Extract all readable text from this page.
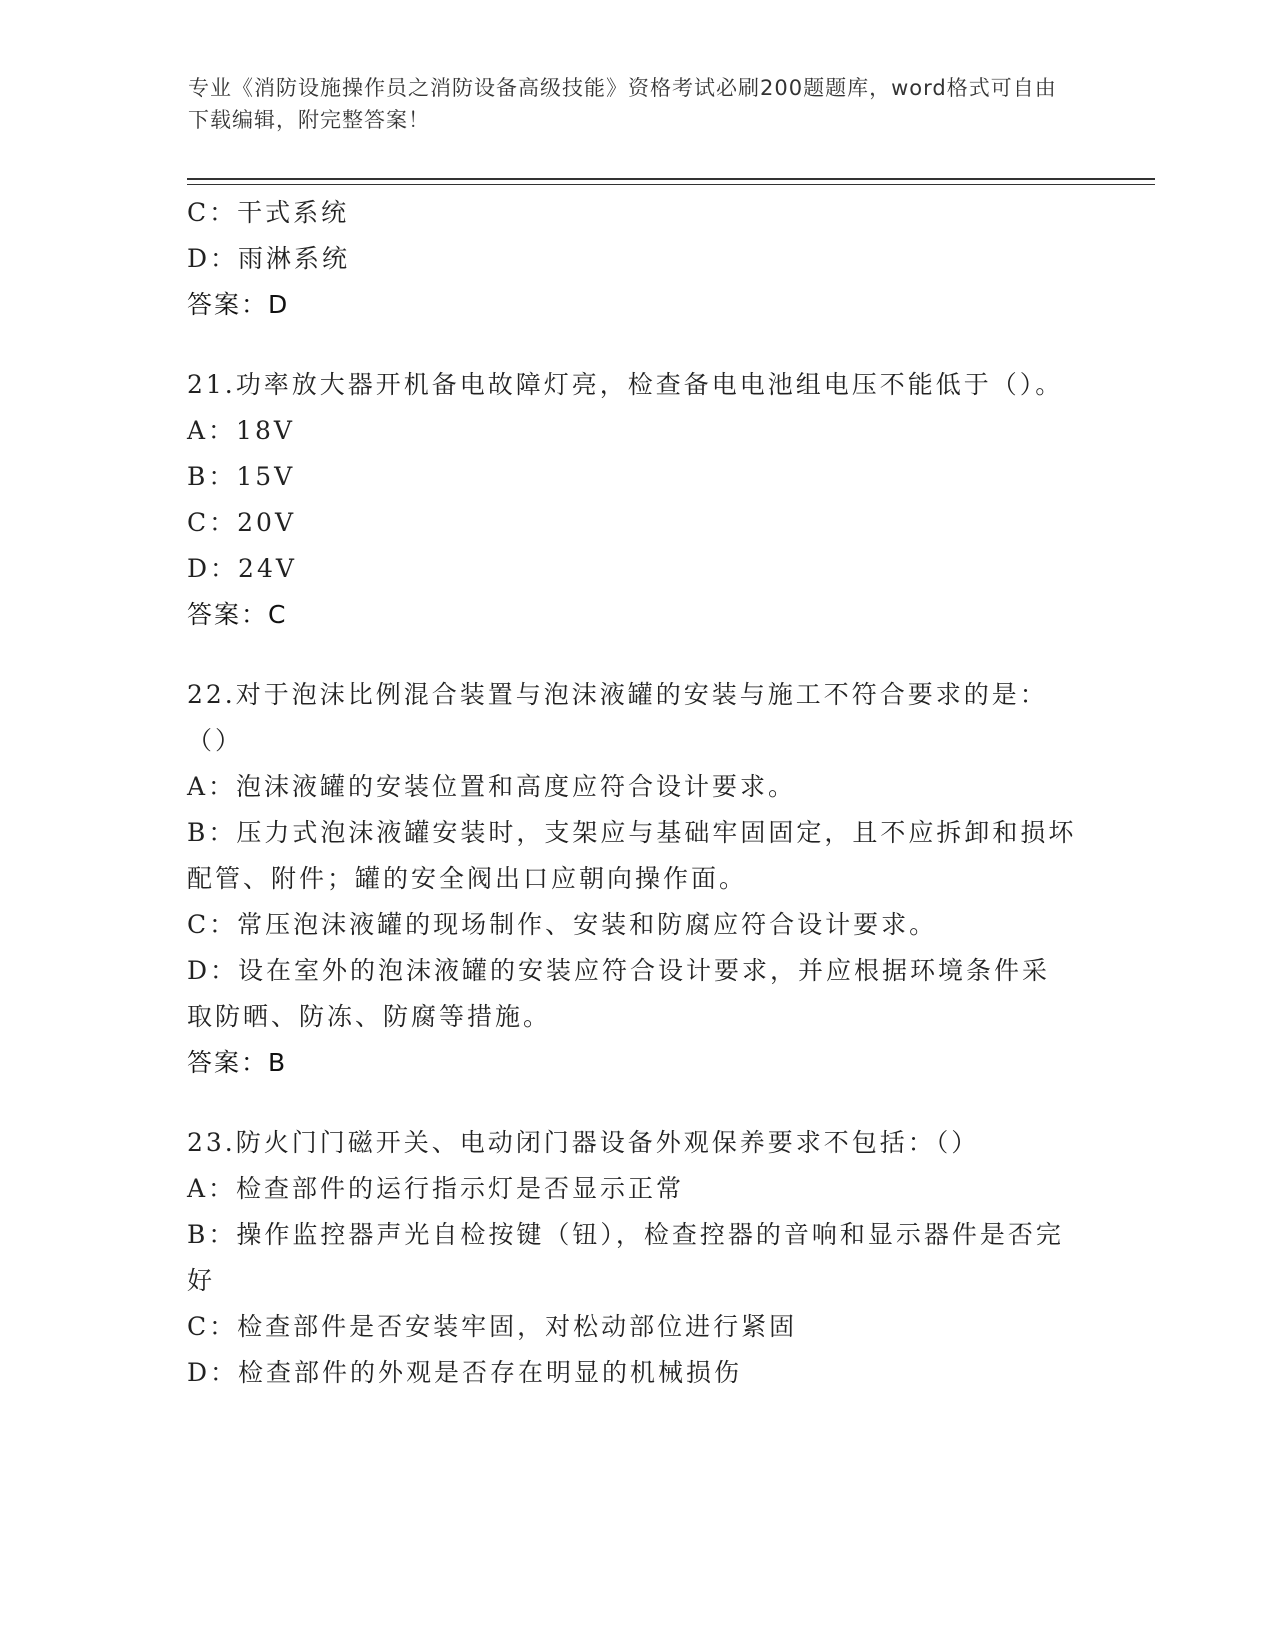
专业《消防设施操作员之消防设备高级技能》资格考试必刷200题题库，word格式可自由下载编辑，附完整答案！
C：干式系统
D：雨淋系统
答案：D
21.功率放大器开机备电故障灯亮，检查备电电池组电压不能低于（）。
A：18V
B：15V
C：20V
D：24V
答案：C
22.对于泡沫比例混合装置与泡沫液罐的安装与施工不符合要求的是：（）
A：泡沫液罐的安装位置和高度应符合设计要求。
B：压力式泡沫液罐安装时，支架应与基础牢固固定，且不应拆卸和损坏配管、附件；罐的安全阀出口应朝向操作面。
C：常压泡沫液罐的现场制作、安装和防腐应符合设计要求。
D：设在室外的泡沫液罐的安装应符合设计要求，并应根据环境条件采取防晒、防冻、防腐等措施。
答案：B
23.防火门门磁开关、电动闭门器设备外观保养要求不包括：（）
A：检查部件的运行指示灯是否显示正常
B：操作监控器声光自检按键（钮），检查控器的音响和显示器件是否完好
C：检查部件是否安装牢固，对松动部位进行紧固
D：检查部件的外观是否存在明显的机械损伤
